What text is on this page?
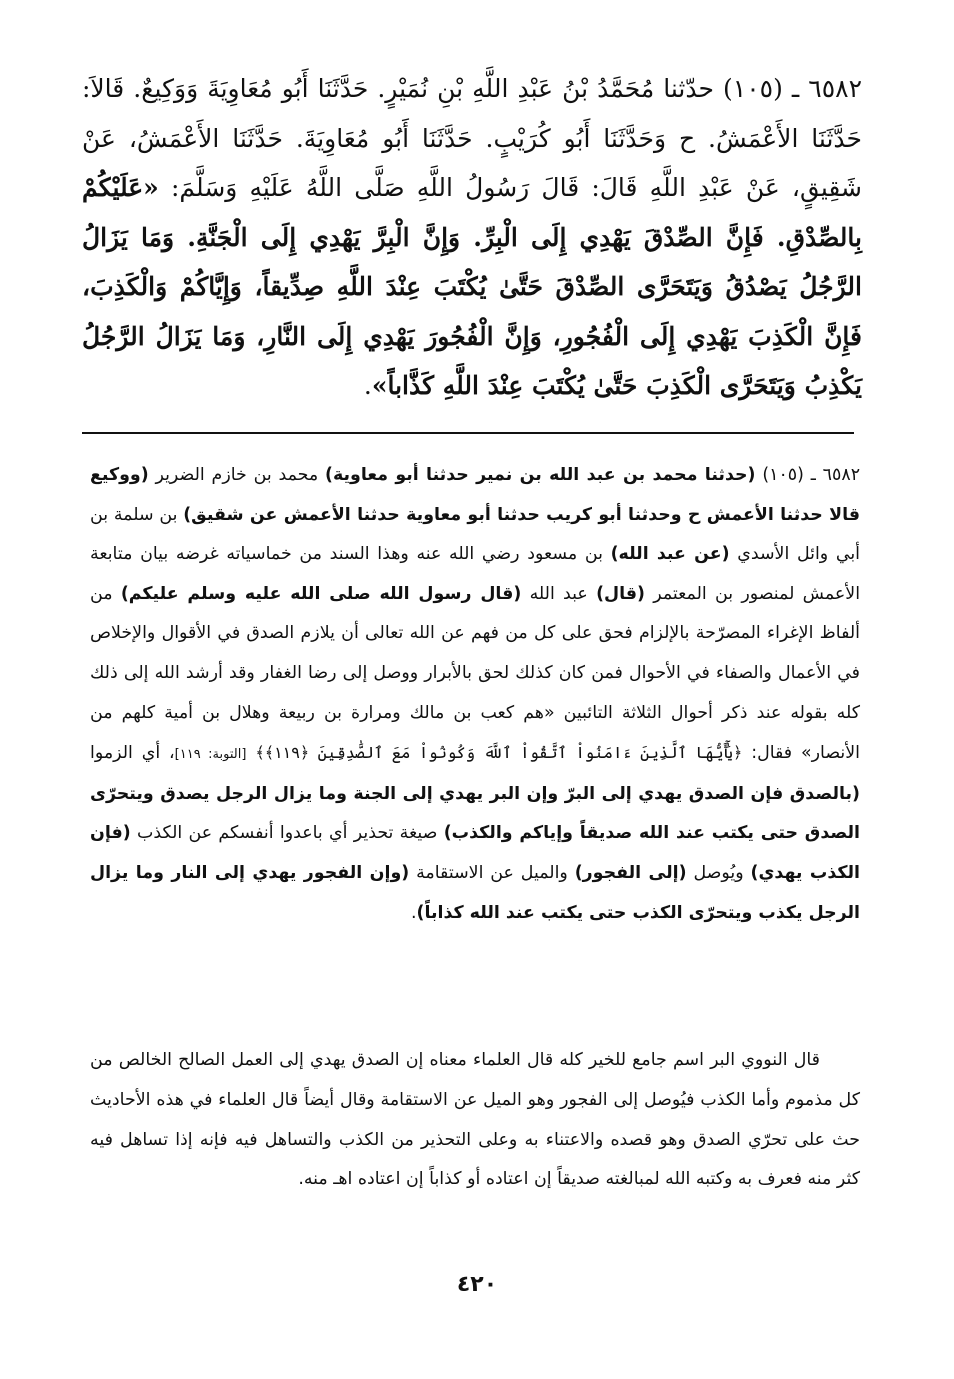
٦٥٨٢ ـ (١٠٥) حدّثنا مُحَمَّدُ بْنُ عَبْدِ اللَّهِ بْنِ نُمَيْرٍ. حَدَّثَنَا أَبُو مُعَاوِيَةَ وَوَكِيعٌ. قَالاَ: حَدَّثَنَا الأَعْمَشُ. ح وَحَدَّثَنَا أَبُو كُرَيْبٍ. حَدَّثَنَا أَبُو مُعَاوِيَةَ. حَدَّثَنَا الأَعْمَشُ، عَنْ شَقِيقٍ، عَنْ عَبْدِ اللَّهِ قَالَ: قَالَ رَسُولُ اللَّهِ صَلَّى اللَّهُ عَلَيْهِ وَسَلَّمَ: «عَلَيْكُمْ بِالصِّدْقِ. فَإِنَّ الصِّدْقَ يَهْدِي إِلَى الْبِرِّ. وَإِنَّ الْبِرَّ يَهْدِي إِلَى الْجَنَّةِ. وَمَا يَزَالُ الرَّجُلُ يَصْدُقُ وَيَتَحَرَّى الصِّدْقَ حَتَّىٰ يُكْتَبَ عِنْدَ اللَّهِ صِدِّيقاً، وَإِيَّاكُمْ وَالْكَذِبَ، فَإِنَّ الْكَذِبَ يَهْدِي إِلَى الْفُجُورِ، وَإِنَّ الْفُجُورَ يَهْدِي إِلَى النَّارِ، وَمَا يَزَالُ الرَّجُلُ يَكْذِبُ وَيَتَحَرَّى الْكَذِبَ حَتَّىٰ يُكْتَبَ عِنْدَ اللَّهِ كَذَّاباً».

٦٥٨٢ ـ (١٠٥) (حدثنا محمد بن عبد الله بن نمير حدثنا أبو معاوية) محمد بن خازم الضرير (ووكيع قالا حدثنا الأعمش ح وحدثنا أبو كريب حدثنا أبو معاوية حدثنا الأعمش عن شقيق) بن سلمة بن أبي وائل الأسدي (عن عبد الله) بن مسعود رضي الله عنه وهذا السند من خماسياته غرضه بيان متابعة الأعمش لمنصور بن المعتمر (قال) عبد الله (قال رسول الله صلى الله عليه وسلم عليكم) من ألفاظ الإغراء المصرّحة بالإلزام فحق على كل من فهم عن الله تعالى أن يلازم الصدق في الأقوال والإخلاص في الأعمال والصفاء في الأحوال فمن كان كذلك لحق بالأبرار ووصل إلى رضا الغفار وقد أرشد الله إلى ذلك كله بقوله عند ذكر أحوال الثلاثة التائبين «هم كعب بن مالك ومرارة بن ربيعة وهلال بن أمية كلهم من الأنصار» فقال: ﴿يَٰٓأَيُّهَا ٱلَّذِينَ ءَامَنُواْ ٱتَّقُواْ ٱللَّهَ وَكُونُواْ مَعَ ٱلصَّٰدِقِينَ ﴿١١٩﴾﴾ [التوبة: ١١٩]، أي الزموا (بالصدق فإن الصدق يهدي إلى البرّ وإن البر يهدي إلى الجنة وما يزال الرجل يصدق ويتحرّى الصدق حتى يكتب عند الله صديقاً وإياكم والكذب) صيغة تحذير أي باعدوا أنفسكم عن الكذب (فإن الكذب يهدي) ويُوصل (إلى الفجور) والميل عن الاستقامة (وإن الفجور يهدي إلى النار وما يزال الرجل يكذب ويتحرّى الكذب حتى يكتب عند الله كذاباً).

قال النووي البر اسم جامع للخير كله قال العلماء معناه إن الصدق يهدي إلى العمل الصالح الخالص من كل مذموم وأما الكذب فيُوصل إلى الفجور وهو الميل عن الاستقامة وقال أيضاً قال العلماء في هذه الأحاديث حث على تحرّي الصدق وهو قصده والاعتناء به وعلى التحذير من الكذب والتساهل فيه فإنه إذا تساهل فيه كثر منه فعرف به وكتبه الله لمبالغته صديقاً إن اعتاده أو كذاباً إن اعتاده اهـ منه.

٤٢٠
